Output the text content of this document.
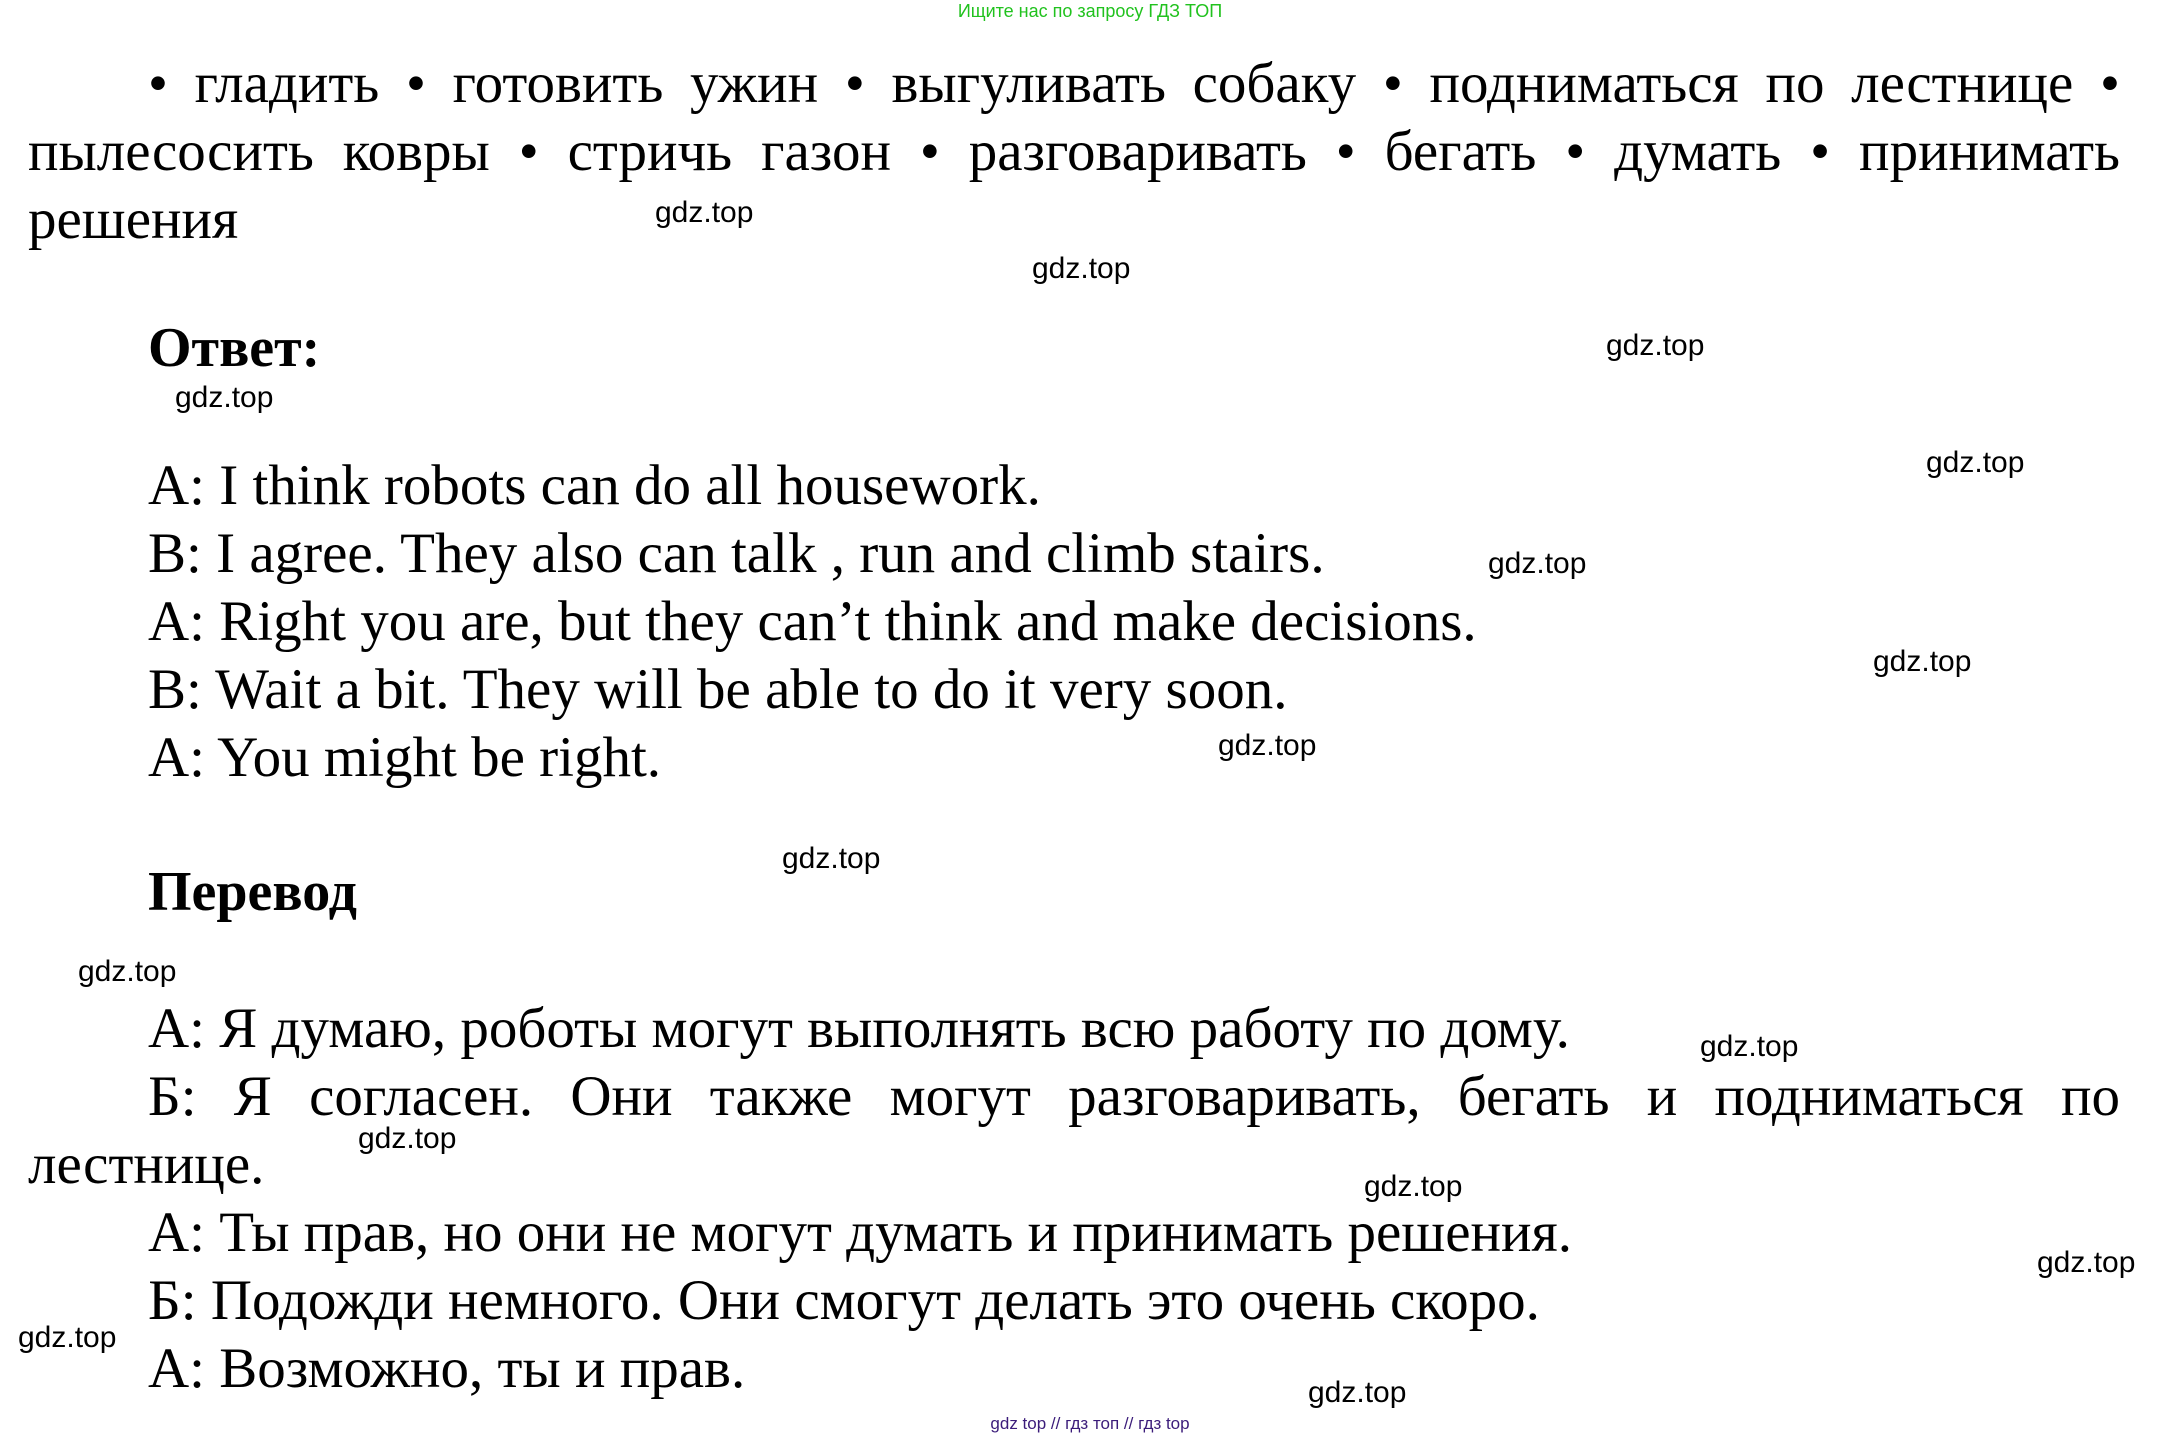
Ищите нас по запросу ГДЗ ТОП

• гладить • готовить ужин • выгуливать собаку • подниматься по лестнице • пылесосить ковры • стричь газон • разговаривать • бегать • думать • принимать решения

Ответ:

A: I think robots can do all housework.

B: I agree. They also can talk , run and climb stairs.

A: Right you are, but they can’t think and make decisions.

B: Wait a bit. They will be able to do it very soon.

A: You might be right.

Перевод

А: Я думаю, роботы могут выполнять всю работу по дому.

Б: Я согласен. Они также могут разговаривать, бегать и подниматься по лестнице.

А: Ты прав, но они не могут думать и принимать решения.

Б: Подожди немного. Они смогут делать это очень скоро.

А: Возможно, ты и прав.

gdz.top
gdz.top
gdz.top
gdz.top
gdz.top
gdz.top
gdz.top
gdz.top
gdz.top
gdz.top
gdz.top
gdz.top
gdz.top
gdz.top
gdz.top
gdz.top
gdz top // гдз топ // гдз top
